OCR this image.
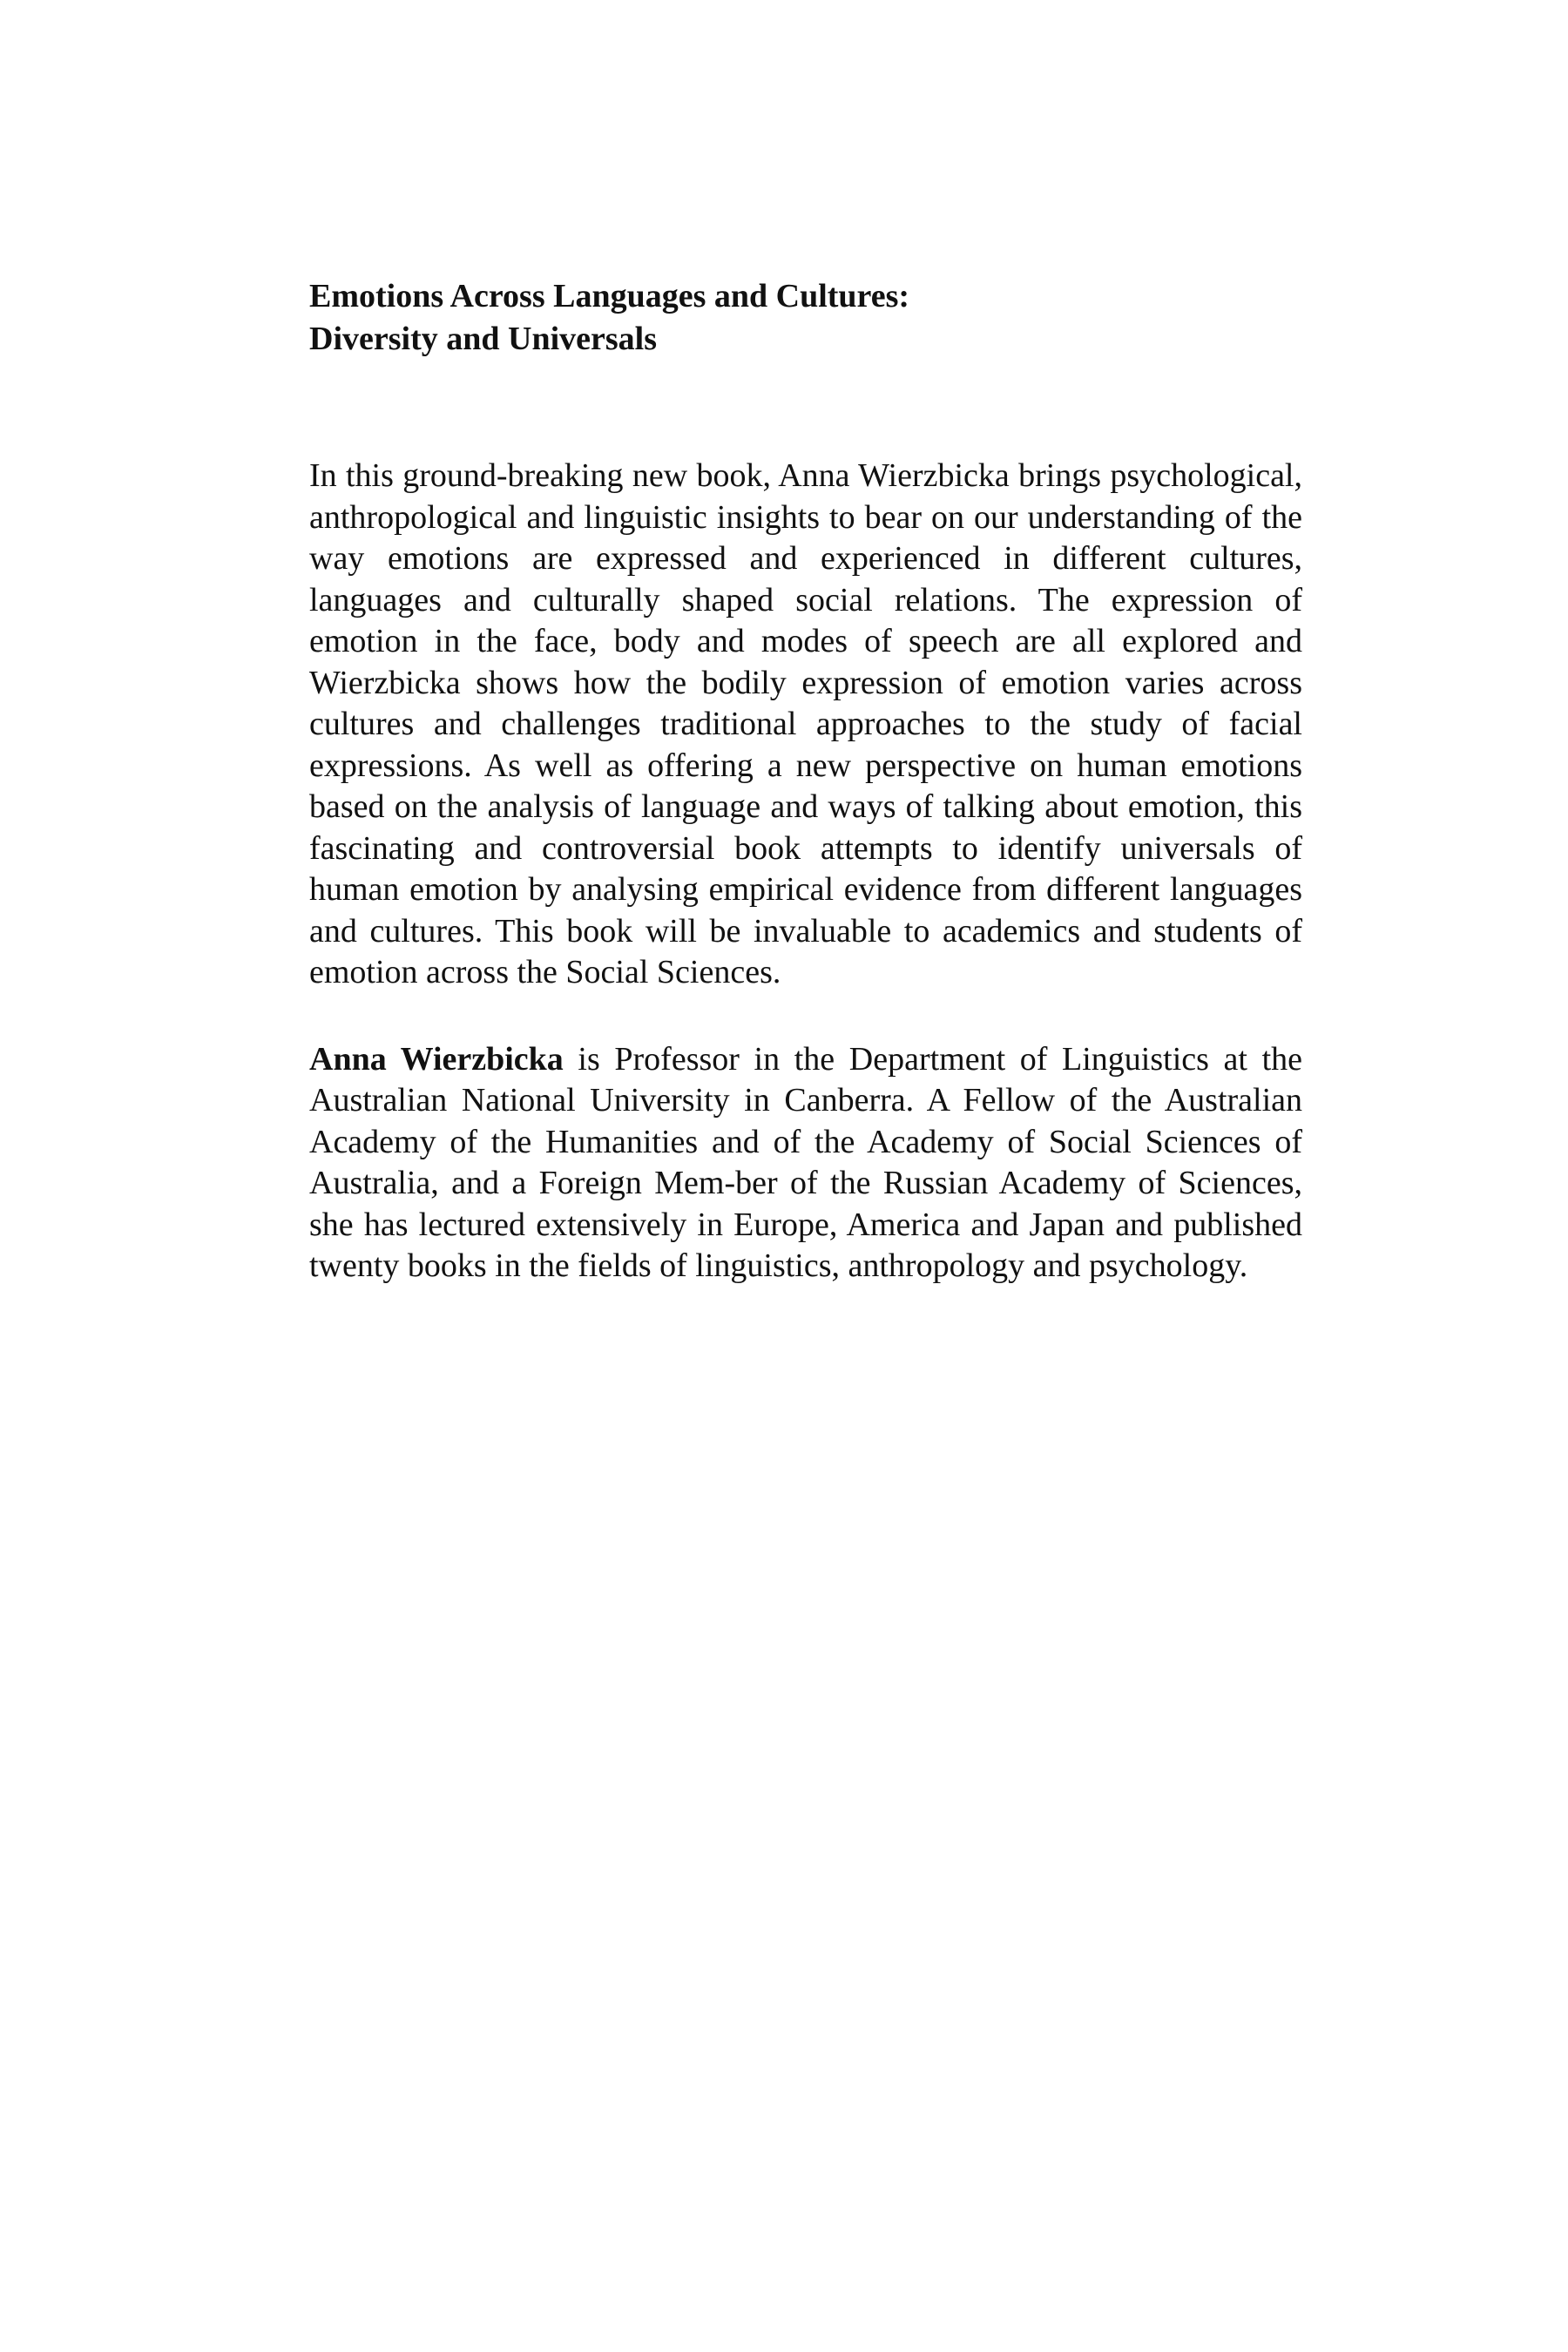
Emotions Across Languages and Cultures:
Diversity and Universals

In this ground-breaking new book, Anna Wierzbicka brings psychological, anthropological and linguistic insights to bear on our understanding of the way emotions are expressed and experienced in different cultures, languages and culturally shaped social relations. The expression of emotion in the face, body and modes of speech are all explored and Wierzbicka shows how the bodily expression of emotion varies across cultures and challenges traditional approaches to the study of facial expressions. As well as offering a new perspective on human emotions based on the analysis of language and ways of talking about emotion, this fascinating and controversial book attempts to identify universals of human emotion by analysing empirical evidence from different languages and cultures. This book will be invaluable to academics and students of emotion across the Social Sciences.

Anna Wierzbicka is Professor in the Department of Linguistics at the Australian National University in Canberra. A Fellow of the Australian Academy of the Humanities and of the Academy of Social Sciences of Australia, and a Foreign Mem-ber of the Russian Academy of Sciences, she has lectured extensively in Europe, America and Japan and published twenty books in the fields of linguistics, anthropology and psychology.
